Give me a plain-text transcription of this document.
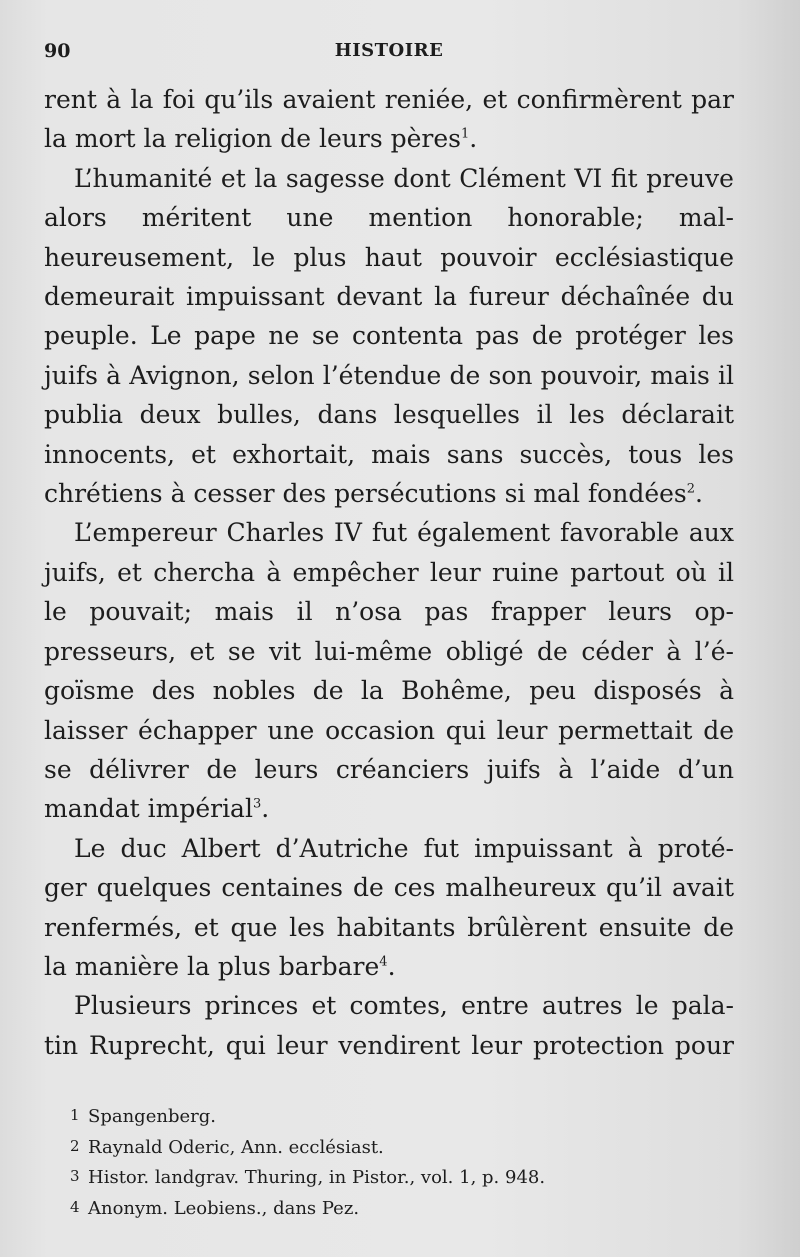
90	HISTOIRE

rent à la foi qu’ils avaient reniée, et confirmèrent par la mort la religion de leurs pères$^1$.

L’humanité et la sagesse dont Clément VI fit preuve alors méritent une mention honorable; mal- heureusement, le plus haut pouvoir ecclésiastique demeurait impuissant devant la fureur déchaînée du peuple. Le pape ne se contenta pas de protéger les juifs à Avignon, selon l’étendue de son pouvoir, mais il publia deux bulles, dans lesquelles il les déclarait innocents, et exhortait, mais sans succès, tous les chrétiens à cesser des persécutions si mal fondées$^2$.

L’empereur Charles IV fut également favorable aux juifs, et chercha à empêcher leur ruine partout où il le pouvait; mais il n’osa pas frapper leurs op- presseurs, et se vit lui-même obligé de céder à l’é- goïsme des nobles de la Bohême, peu disposés à laisser échapper une occasion qui leur permettait de se délivrer de leurs créanciers juifs à l’aide d’un mandat impérial$^3$.

Le duc Albert d’Autriche fut impuissant à proté- ger quelques centaines de ces malheureux qu’il avait renfermés, et que les habitants brûlèrent ensuite de la manière la plus barbare$^4$.

Plusieurs princes et comtes, entre autres le pala- tin Ruprecht, qui leur vendirent leur protection pour

1 Spangenberg.
2 Raynald Oderic, Ann. ecclésiast.
3 Histor. landgrav. Thuring, in Pistor., vol. 1, p. 948.
4 Anonym. Leobiens., dans Pez.
